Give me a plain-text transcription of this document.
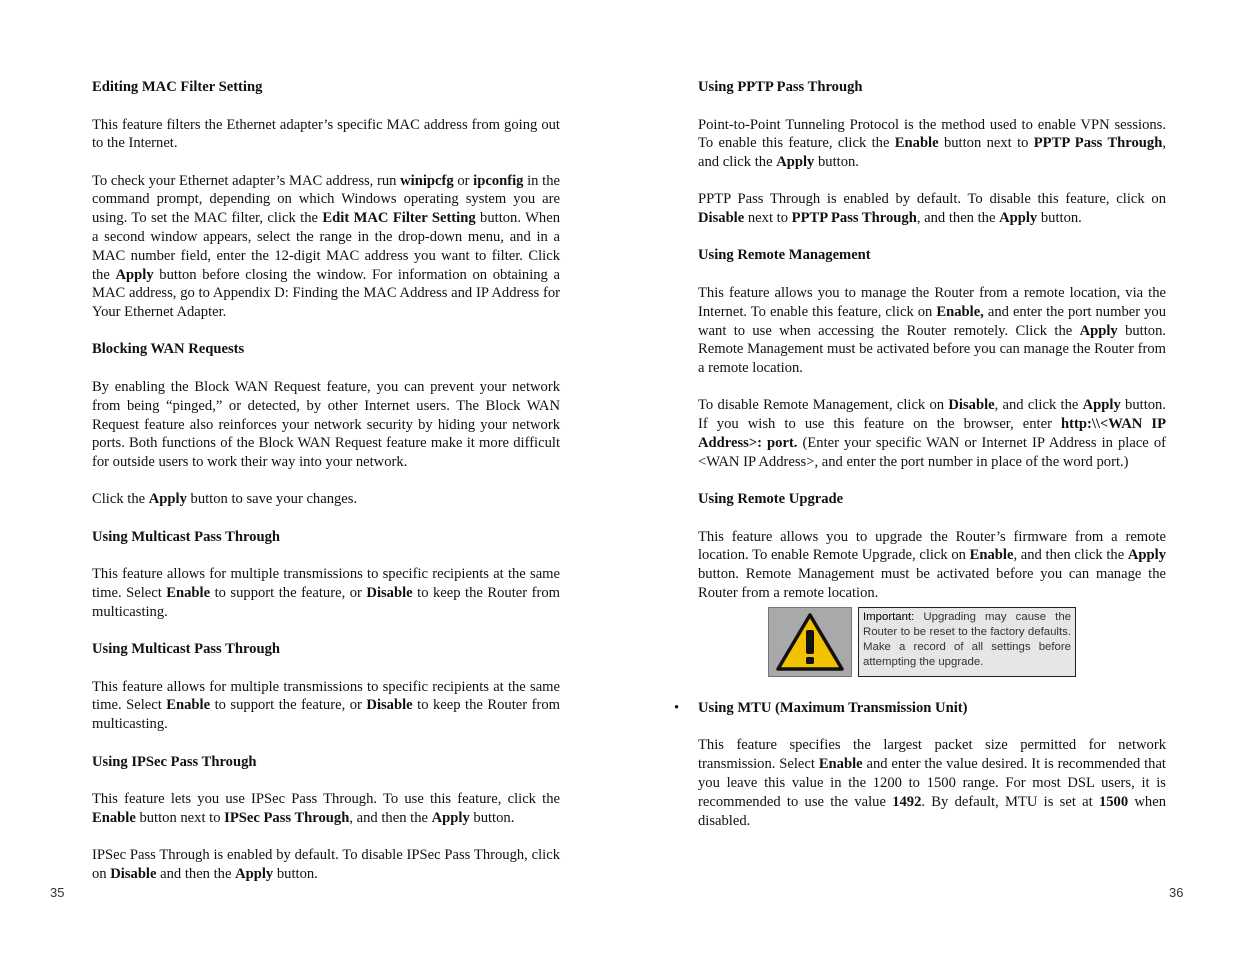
Editing MAC Filter Setting

This feature filters the Ethernet adapter’s specific MAC address from going out to the Internet.

To check your Ethernet adapter’s MAC address, run winipcfg or ipconfig in the command prompt, depending on which Windows operating system you are using. To set the MAC filter, click the Edit MAC Filter Setting button. When a second window appears, select the range in the drop-down menu, and in a MAC number field, enter the 12-digit MAC address you want to filter. Click the Apply button before closing the window. For information on obtaining a MAC address, go to Appendix D: Finding the MAC Address and IP Address for Your Ethernet Adapter.

Blocking WAN Requests

By enabling the Block WAN Request feature, you can prevent your network from being “pinged,” or detected, by other Internet users. The Block WAN Request feature also reinforces your network security by hiding your network ports. Both functions of the Block WAN Request feature make it more difficult for outside users to work their way into your network.

Click the Apply button to save your changes.

Using Multicast Pass Through

This feature allows for multiple transmissions to specific recipients at the same time. Select Enable to support the feature, or Disable to keep the Router from multicasting.

Using Multicast Pass Through

This feature allows for multiple transmissions to specific recipients at the same time. Select Enable to support the feature, or Disable to keep the Router from multicasting.

Using IPSec Pass Through

This feature lets you use IPSec Pass Through. To use this feature, click the Enable button next to IPSec Pass Through, and then the Apply button.

IPSec Pass Through is enabled by default. To disable IPSec Pass Through, click on Disable and then the Apply button.

Using PPTP Pass Through

Point-to-Point Tunneling Protocol is the method used to enable VPN sessions. To enable this feature, click the Enable button next to PPTP Pass Through, and click the Apply button.

PPTP Pass Through is enabled by default. To disable this feature, click on Disable next to PPTP Pass Through, and then the Apply button.

Using Remote Management

This feature allows you to manage the Router from a remote location, via the Internet. To enable this feature, click on Enable, and enter the port number you want to use when accessing the Router remotely. Click the Apply button. Remote Management must be activated before you can manage the Router from a remote location.

To disable Remote Management, click on Disable, and click the Apply button. If you wish to use this feature on the browser, enter http:\\<WAN IP Address>: port. (Enter your specific WAN or Internet IP Address in place of <WAN IP Address>, and enter the port number in place of the word port.)

Using Remote Upgrade

This feature allows you to upgrade the Router’s firmware from a remote location. To enable Remote Upgrade, click on Enable, and then click the Apply button. Remote Management must be activated before you can manage the Router from a remote location.

Important: Upgrading may cause the Router to be reset to the factory defaults. Make a record of all settings before attempting the upgrade.
• Using MTU (Maximum Transmission Unit)

This feature specifies the largest packet size permitted for network transmission. Select Enable and enter the value desired. It is recommended that you leave this value in the 1200 to 1500 range. For most DSL users, it is recommended to use the value 1492. By default, MTU is set at 1500 when disabled.

35	36
